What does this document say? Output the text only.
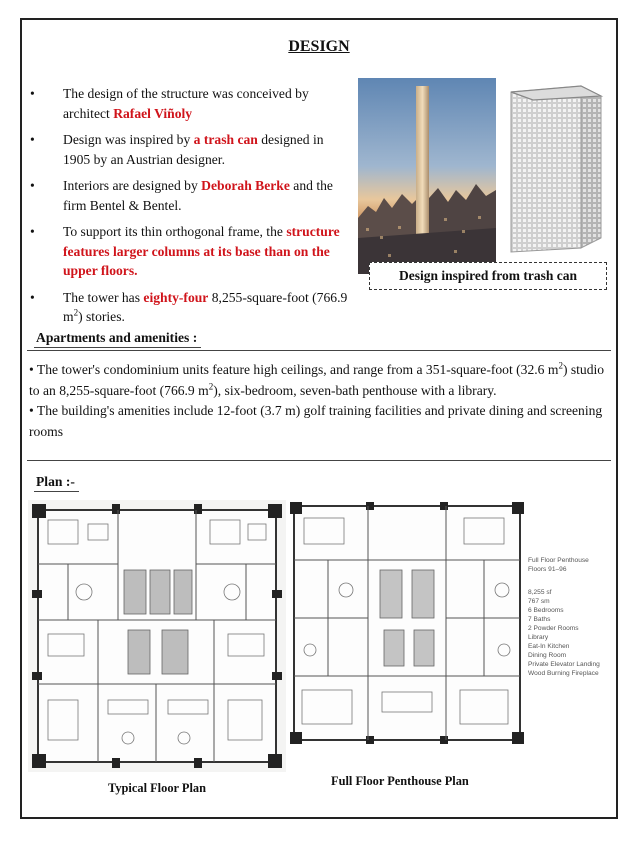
DESIGN
• The design of the structure was conceived by architect Rafael Viñoly
• Design was inspired by a trash can designed in 1905 by an Austrian designer.
• Interiors are designed by Deborah Berke and the firm Bentel & Bentel.
• To support its thin orthogonal frame, the structure features larger columns at its base than on the upper floors.
• The tower has eighty-four 8,255-square-foot (766.9 $m^2$) stories.
Design inspired from trash can
Apartments and amenities :
• The tower's condominium units feature high ceilings, and range from a 351-square-foot (32.6 $m^2$) studio to an 8,255-square-foot (766.9 $m^2$), six-bedroom, seven-bath penthouse with a library.
• The building's amenities include 12-foot (3.7 m) golf training facilities and private dining and screening rooms
Plan :-
Full Floor Penthouse
Floors 91–96
8,255 sf
767 sm
6 Bedrooms
7 Baths
2 Powder Rooms
Library
Eat-In Kitchen
Dining Room
Private Elevator Landing
Wood Burning Fireplace
Typical Floor Plan	Full Floor Penthouse Plan
